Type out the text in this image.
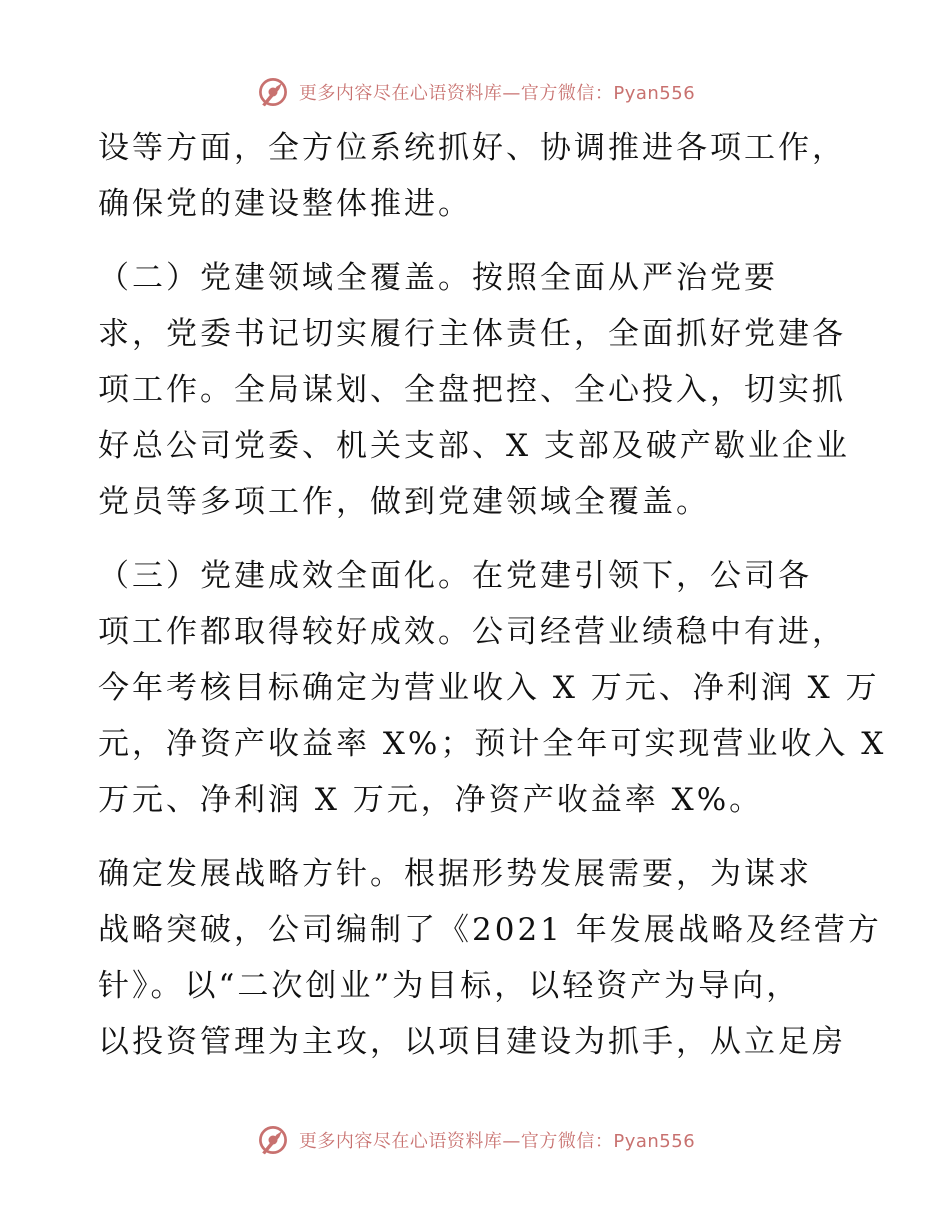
更多内容尽在心语资料库—官方微信：Pyan556
设等方面，全方位系统抓好、协调推进各项工作，
确保党的建设整体推进。
（二）党建领域全覆盖。按照全面从严治党要
求，党委书记切实履行主体责任，全面抓好党建各
项工作。全局谋划、全盘把控、全心投入，切实抓
好总公司党委、机关支部、X 支部及破产歇业企业
党员等多项工作，做到党建领域全覆盖。
（三）党建成效全面化。在党建引领下，公司各
项工作都取得较好成效。公司经营业绩稳中有进，
今年考核目标确定为营业收入 X 万元、净利润 X 万
元，净资产收益率 X%；预计全年可实现营业收入 X
万元、净利润 X 万元，净资产收益率 X%。
确定发展战略方针。根据形势发展需要，为谋求
战略突破，公司编制了《2021 年发展战略及经营方
针》。以“二次创业”为目标，以轻资产为导向，
以投资管理为主攻，以项目建设为抓手，从立足房
更多内容尽在心语资料库—官方微信：Pyan556
